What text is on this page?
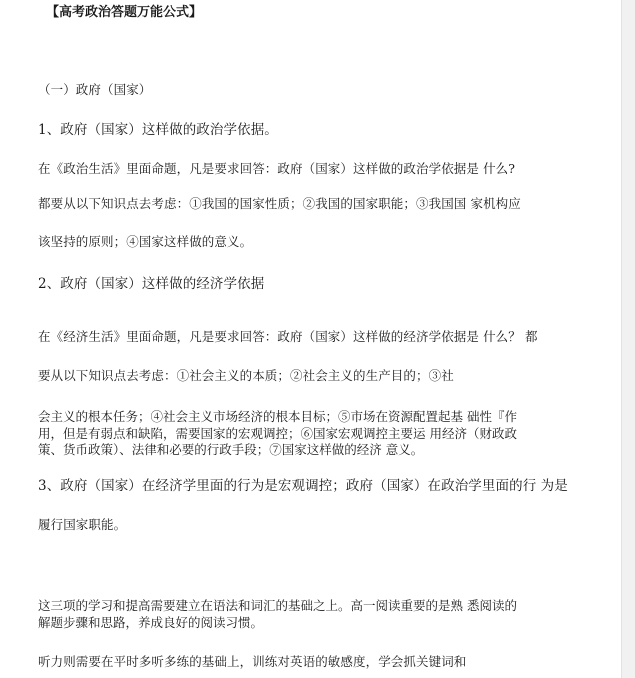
【高考政治答题万能公式】
（一）政府（国家）
1、政府（国家）这样做的政治学依据。
在《政治生活》里面命题，凡是要求回答：政府（国家）这样做的政治学依据是 什么?
都要从以下知识点去考虑：①我国的国家性质；②我国的国家职能；③我国国 家机构应
该坚持的原则；④国家这样做的意义。
2、政府（国家）这样做的经济学依据
在《经济生活》里面命题，凡是要求回答：政府（国家）这样做的经济学依据是 什么？ 都
要从以下知识点去考虑：①社会主义的本质；②社会主义的生产目的；③社
会主义的根本任务；④社会主义市场经济的根本目标；⑤市场在资源配置起基 础性『作
用，但是有弱点和缺陷，需要国家的宏观调控；⑥国家宏观调控主要运 用经济（财政政
策、货币政策）、法律和必要的行政手段；⑦国家这样做的经济 意义。
3、政府（国家）在经济学里面的行为是宏观调控；政府（国家）在政治学里面的行 为是
履行国家职能。
这三项的学习和提高需要建立在语法和词汇的基础之上。高一阅读重要的是熟 悉阅读的
解题步骤和思路，养成良好的阅读习惯。
听力则需要在平时多听多练的基础上，训练对英语的敏感度，学会抓关键词和
